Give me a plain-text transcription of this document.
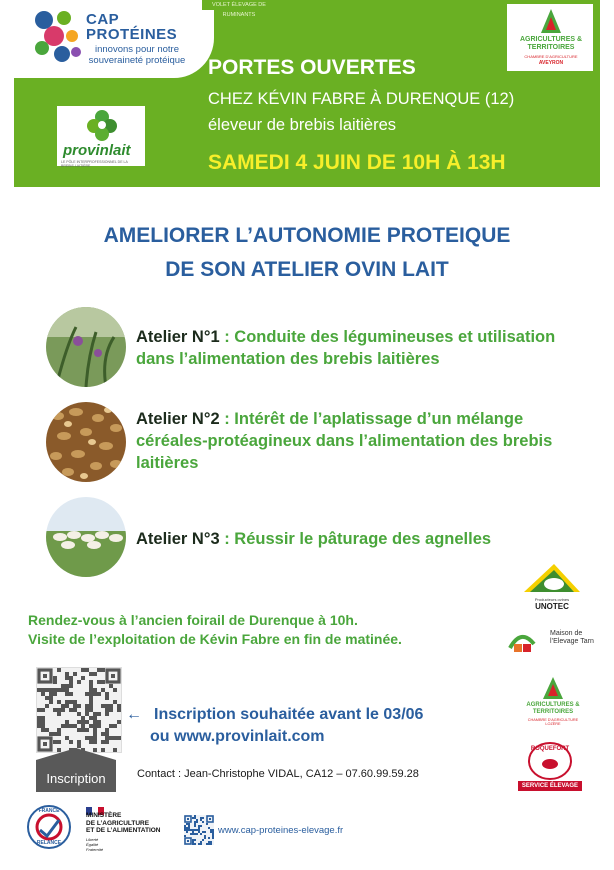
CAP
PROTÉINES
innovons pour notre souveraineté protéique
VOLET ÉLEVAGE DE RUMINANTS
provinlait
LE PÔLE INTERPROFESSIONNEL DE LA BREBIS LAITIÈRE
AGRICULTURES & TERRITOIRES
CHAMBRE D'AGRICULTURE
AVEYRON
PORTES OUVERTES
CHEZ KÉVIN FABRE À DURENQUE (12)
éleveur de brebis laitières
SAMEDI 4 JUIN DE 10H À 13H
AMELIORER L’AUTONOMIE PROTEIQUE
DE SON ATELIER OVIN LAIT
Atelier N°1 : Conduite des légumineuses et utilisation dans l’alimentation des brebis laitières
Atelier N°2 : Intérêt de l’aplatissage d’un mélange céréales-protéagineux dans l’alimentation des brebis laitières
Atelier N°3 : Réussir le pâturage des agnelles
Rendez-vous à l’ancien foirail de Durenque à 10h.
Visite de l’exploitation de Kévin Fabre en fin de matinée.
Producteurs ovines
UNOTEC
Maison de l’Elevage Tarn
AGRICULTURES & TERRITOIRES
CHAMBRE D'AGRICULTURE LOZÈRE
ROQUEFORT
SERVICE ÉLEVAGE
Inscription
← Inscription souhaitée avant le 03/06
ou www.provinlait.com
Contact : Jean-Christophe VIDAL, CA12 – 07.60.99.59.28
FRANCE
RELANCE
MINISTÈRE
DE L’AGRICULTURE
ET DE L’ALIMENTATION
Liberté
Égalité
Fraternité
www.cap-proteines-elevage.fr
